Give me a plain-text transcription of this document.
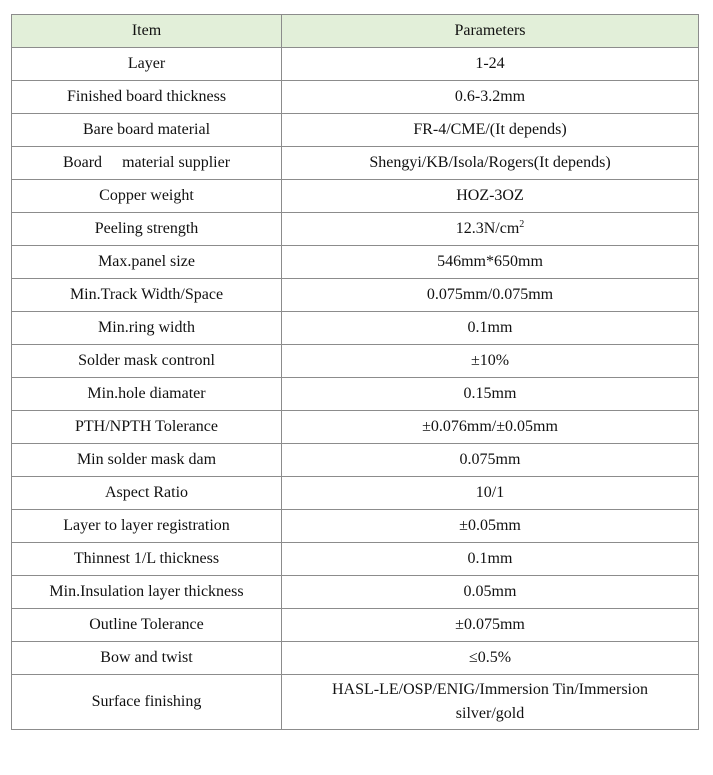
Item	Parameters
Layer	1-24
Finished board thickness	0.6-3.2mm
Bare board material	FR-4/CME/(It depends)
Board material supplier	Shengyi/KB/Isola/Rogers(It depends)
Copper weight	HOZ-3OZ
Peeling strength	$12.3N/cm^2$
Max.panel size	546mm*650mm
Min.Track Width/Space	0.075mm/0.075mm
Min.ring width	0.1mm
Solder mask contronl	±10%
Min.hole diamater	0.15mm
PTH/NPTH Tolerance	±0.076mm/±0.05mm
Min solder mask dam	0.075mm
Aspect Ratio	10/1
Layer to layer registration	±0.05mm
Thinnest 1/L thickness	0.1mm
Min.Insulation layer thickness	0.05mm
Outline Tolerance	±0.075mm
Bow and twist	≤0.5%
Surface finishing	HASL-LE/OSP/ENIG/Immersion Tin/Immersion
silver/gold
